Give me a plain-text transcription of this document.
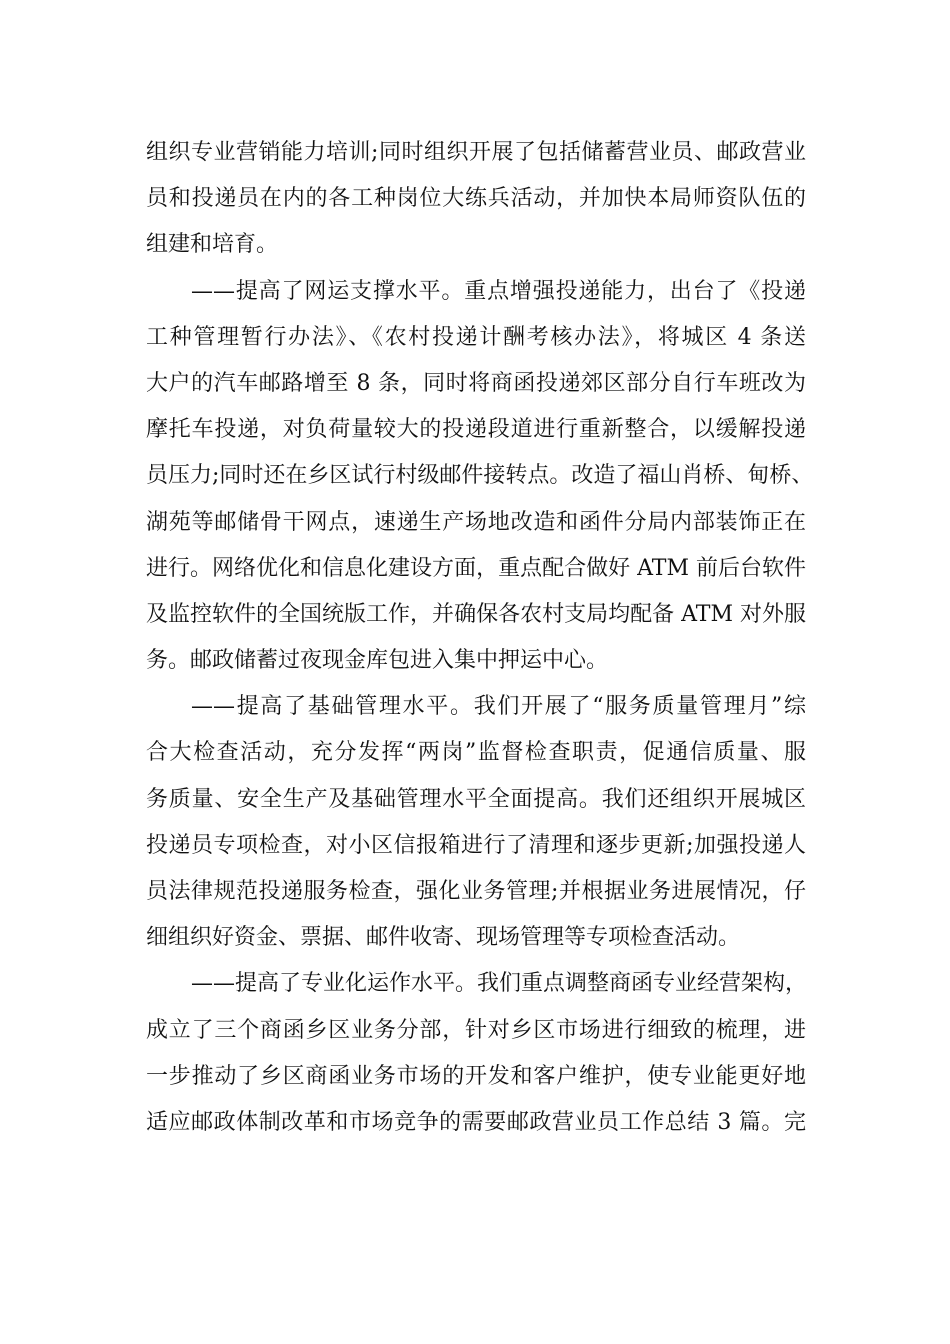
组织专业营销能力培训;同时组织开展了包括储蓄营业员、邮政营业
员和投递员在内的各工种岗位大练兵活动，并加快本局师资队伍的
组建和培育。
——提高了网运支撑水平。重点增强投递能力，出台了《投递
工种管理暂行办法》、《农村投递计酬考核办法》，将城区 4 条送
大户的汽车邮路增至 8 条，同时将商函投递郊区部分自行车班改为
摩托车投递，对负荷量较大的投递段道进行重新整合，以缓解投递
员压力;同时还在乡区试行村级邮件接转点。改造了福山肖桥、甸桥、
湖苑等邮储骨干网点，速递生产场地改造和函件分局内部装饰正在
进行。网络优化和信息化建设方面，重点配合做好 ATM 前后台软件
及监控软件的全国统版工作，并确保各农村支局均配备 ATM 对外服
务。邮政储蓄过夜现金库包进入集中押运中心。
——提高了基础管理水平。我们开展了“服务质量管理月”综
合大检查活动，充分发挥“两岗”监督检查职责，促通信质量、服
务质量、安全生产及基础管理水平全面提高。我们还组织开展城区
投递员专项检查，对小区信报箱进行了清理和逐步更新;加强投递人
员法律规范投递服务检查，强化业务管理;并根据业务进展情况，仔
细组织好资金、票据、邮件收寄、现场管理等专项检查活动。
——提高了专业化运作水平。我们重点调整商函专业经营架构，
成立了三个商函乡区业务分部，针对乡区市场进行细致的梳理，进
一步推动了乡区商函业务市场的开发和客户维护，使专业能更好地
适应邮政体制改革和市场竞争的需要邮政营业员工作总结 3 篇。完
